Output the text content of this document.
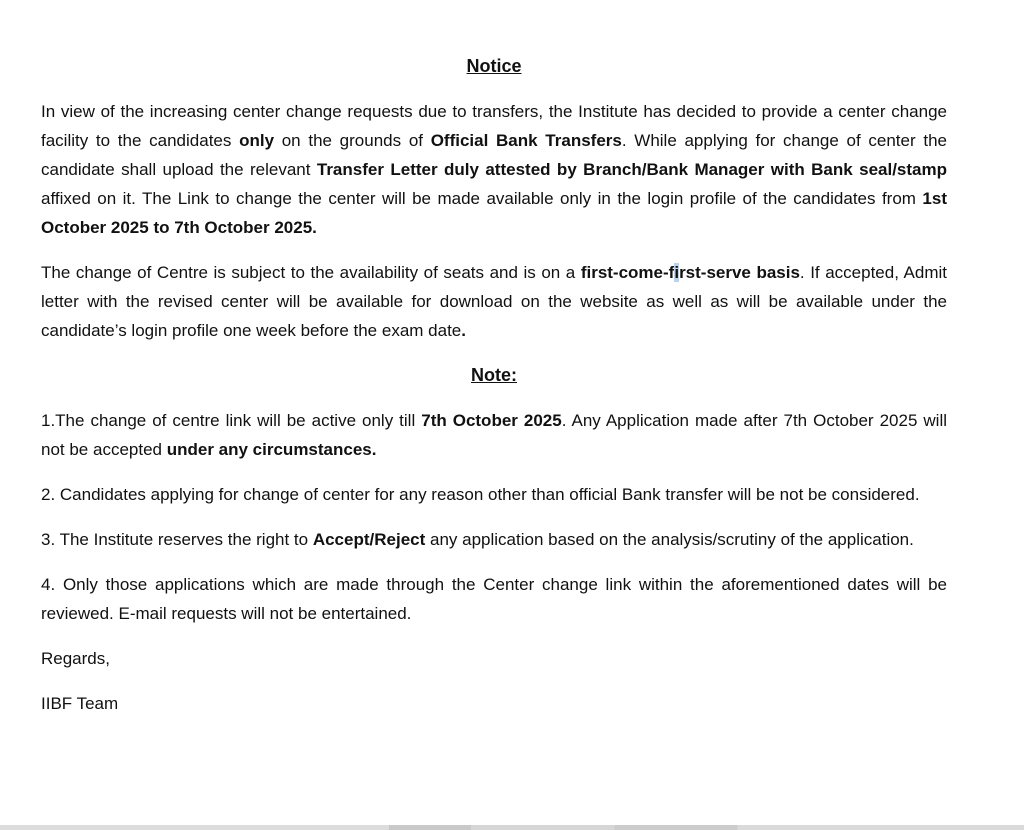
Notice

In view of the increasing center change requests due to transfers, the Institute has decided to provide a center change facility to the candidates only on the grounds of Official Bank Transfers. While applying for change of center the candidate shall upload the relevant Transfer Letter duly attested by Branch/Bank Manager with Bank seal/stamp affixed on it. The Link to change the center will be made available only in the login profile of the candidates from 1st October 2025 to 7th October 2025.

The change of Centre is subject to the availability of seats and is on a first-come-first-serve basis. If accepted, Admit letter with the revised center will be available for download on the website as well as will be available under the candidate’s login profile one week before the exam date.

Note:

1.The change of centre link will be active only till 7th October 2025. Any Application made after 7th October 2025 will not be accepted under any circumstances.

2. Candidates applying for change of center for any reason other than official Bank transfer will be not be considered.

3. The Institute reserves the right to Accept/Reject any application based on the analysis/scrutiny of the application.

4. Only those applications which are made through the Center change link within the aforementioned dates will be reviewed. E-mail requests will not be entertained.

Regards,

IIBF Team
